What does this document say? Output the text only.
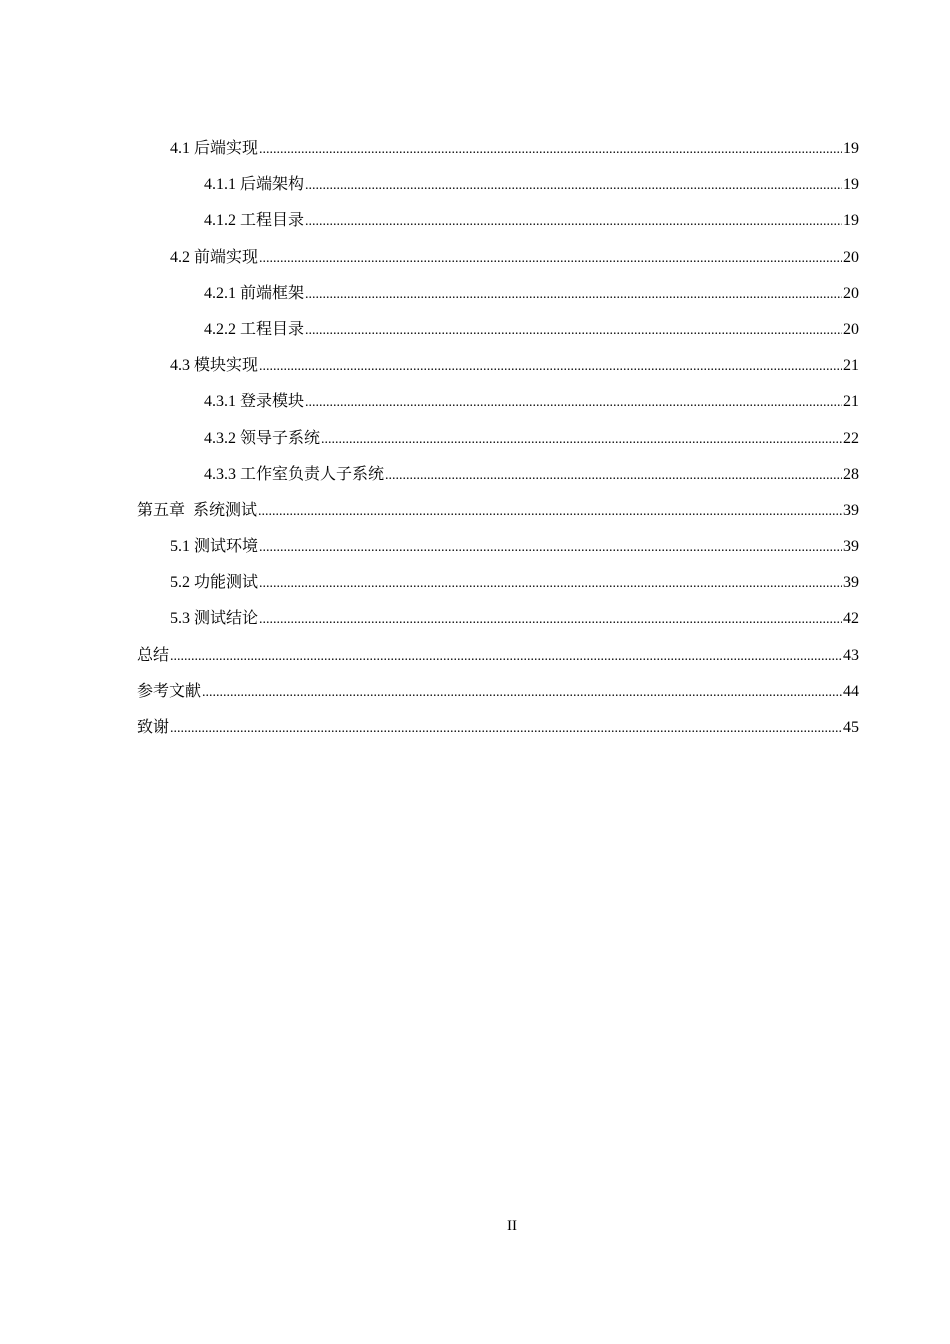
4.1 后端实现 .....	19
4.1.1 后端架构 .....	19
4.1.2 工程目录 .....	19
4.2 前端实现 .....	20
4.2.1 前端框架 .....	20
4.2.2 工程目录 .....	20
4.3 模块实现 .....	21
4.3.1 登录模块 .....	21
4.3.2 领导子系统 .....	22
4.3.3 工作室负责人子系统 .....	28
第五章  系统测试 .....	39
5.1 测试环境 .....	39
5.2 功能测试 .....	39
5.3 测试结论 .....	42
总结 .....	43
参考文献 .....	44
致谢 .....	45
II
